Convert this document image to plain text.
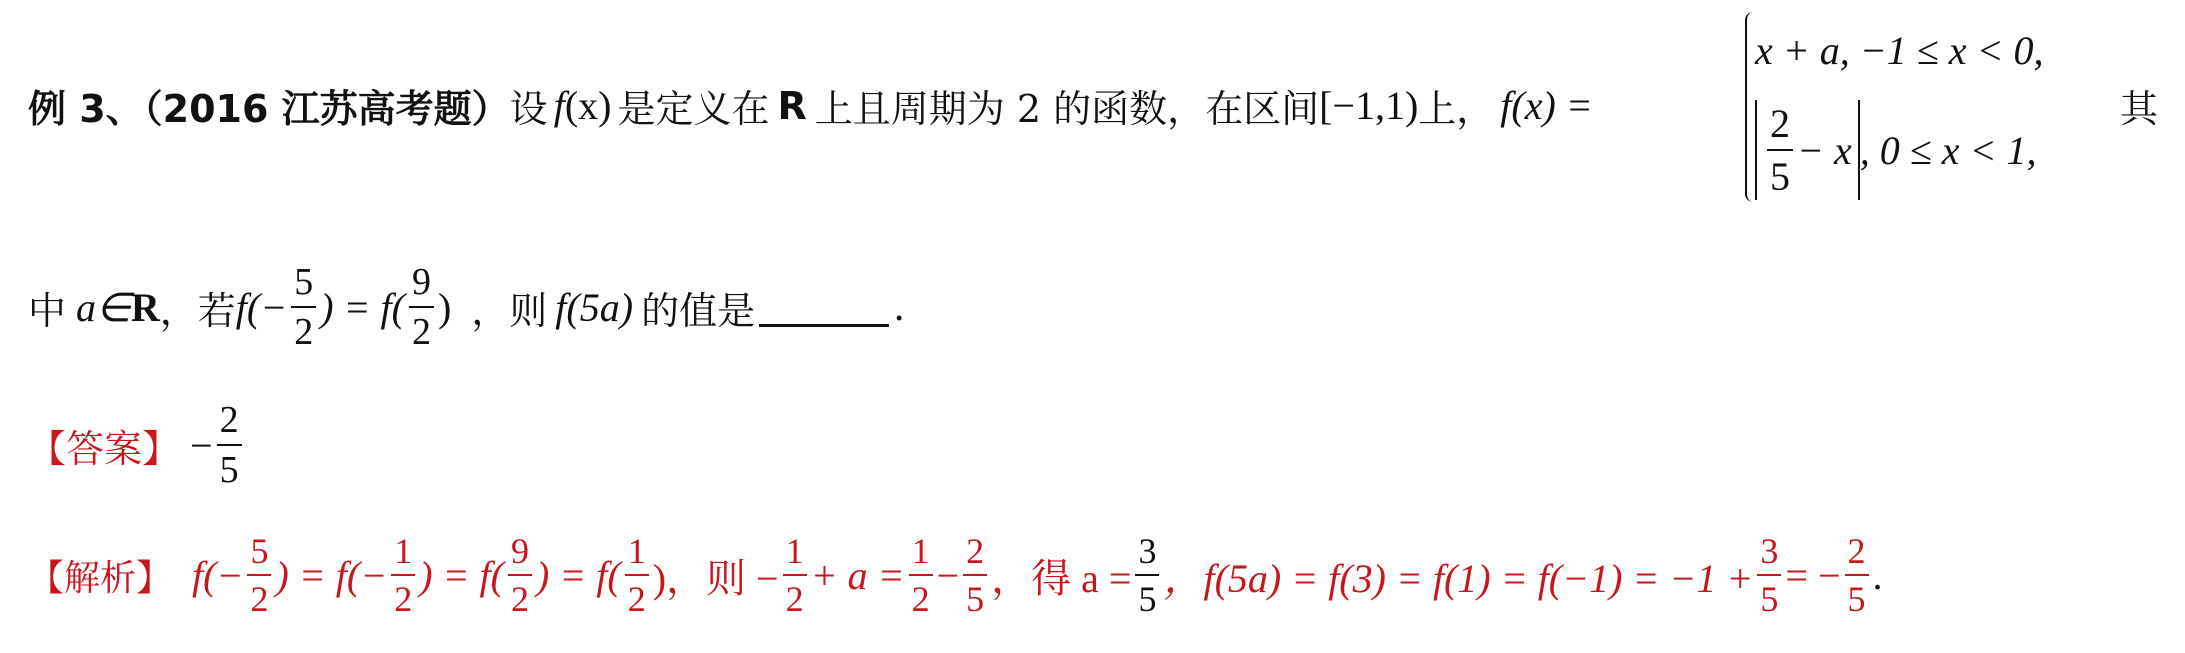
例 3、（2016 江苏高考题） 设 f(x) 是定义在 R 上且周期为 2 的函数，在区间 [−1,1) 上， f(x) =
x + a, −1 ≤ x < 0,
$\frac{2}{5} - x$ , 0 ≤ x < 1,
其
中 a∈ R ，若 $f(- \frac{5}{2}$ ) = $f( \frac{9}{2}$ ) ，则 f(5a) 的值是	.
【答案】 − $\frac{2}{5}$
【解析】 $f(- \frac{5}{2}$ ) = $f(- \frac{1}{2}$ ) = $f( \frac{9}{2}$ ) = $f( \frac{1}{2}$ )，则 − $\frac{1}{2} + a = \frac{1}{2} - \frac{2}{5}$ ，得 $a = \frac{3}{5}$ ，$f(5a) = f(3) = f(1) = f(-1) = -1 + \frac{3}{5}$ = − $\frac{2}{5}$ .
